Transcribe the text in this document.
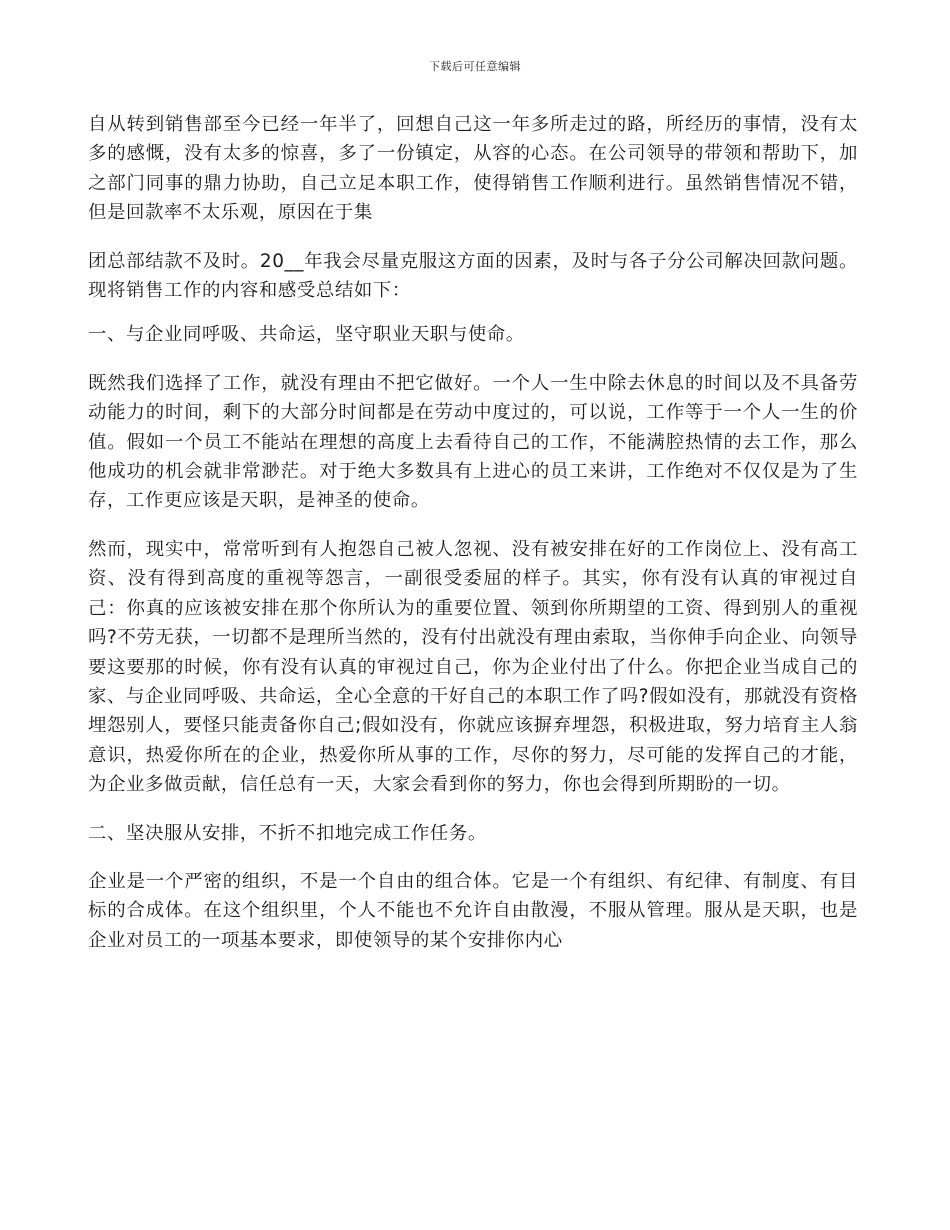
下载后可任意编辑

自从转到销售部至今已经一年半了，回想自己这一年多所走过的路，所经历的事情，没有太多的感慨，没有太多的惊喜，多了一份镇定，从容的心态。在公司领导的带领和帮助下，加之部门同事的鼎力协助，自己立足本职工作，使得销售工作顺利进行。虽然销售情况不错，但是回款率不太乐观，原因在于集

团总部结款不及时。20__年我会尽量克服这方面的因素，及时与各子分公司解决回款问题。现将销售工作的内容和感受总结如下：

一、与企业同呼吸、共命运，坚守职业天职与使命。

既然我们选择了工作，就没有理由不把它做好。一个人一生中除去休息的时间以及不具备劳动能力的时间，剩下的大部分时间都是在劳动中度过的，可以说，工作等于一个人一生的价值。假如一个员工不能站在理想的高度上去看待自己的工作，不能满腔热情的去工作，那么他成功的机会就非常渺茫。对于绝大多数具有上进心的员工来讲，工作绝对不仅仅是为了生存，工作更应该是天职，是神圣的使命。

然而，现实中，常常听到有人抱怨自己被人忽视、没有被安排在好的工作岗位上、没有高工资、没有得到高度的重视等怨言，一副很受委屈的样子。其实，你有没有认真的审视过自己：你真的应该被安排在那个你所认为的重要位置、领到你所期望的工资、得到别人的重视吗?不劳无获，一切都不是理所当然的，没有付出就没有理由索取，当你伸手向企业、向领导要这要那的时候，你有没有认真的审视过自己，你为企业付出了什么。你把企业当成自己的家、与企业同呼吸、共命运，全心全意的干好自己的本职工作了吗?假如没有，那就没有资格埋怨别人，要怪只能责备你自己;假如没有，你就应该摒弃埋怨，积极进取，努力培育主人翁意识，热爱你所在的企业，热爱你所从事的工作，尽你的努力，尽可能的发挥自己的才能，为企业多做贡献，信任总有一天，大家会看到你的努力，你也会得到所期盼的一切。

二、坚决服从安排，不折不扣地完成工作任务。

企业是一个严密的组织，不是一个自由的组合体。它是一个有组织、有纪律、有制度、有目标的合成体。在这个组织里，个人不能也不允许自由散漫，不服从管理。服从是天职，也是企业对员工的一项基本要求，即使领导的某个安排你内心
